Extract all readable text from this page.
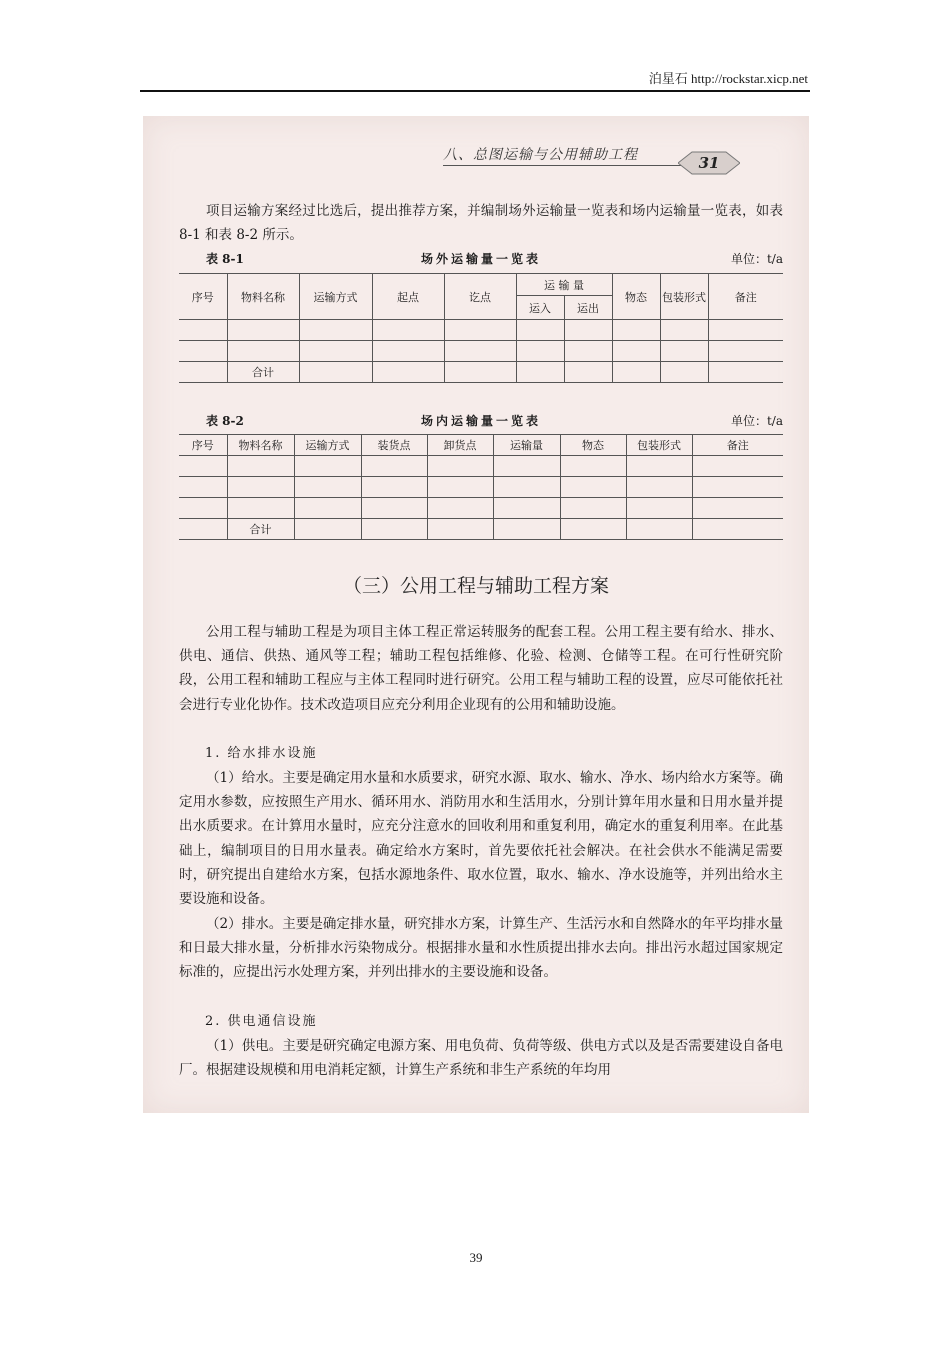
泊星石 http://rockstar.xicp.net
八、总图运输与公用辅助工程	31

项目运输方案经过比选后，提出推荐方案，并编制场外运输量一览表和场内运输量一览表，如表 8-1 和表 8-2 所示。

场外运输量一览表
表 8-1	单位：t/a
序号	物料名称	运输方式	起点	讫点	运 输 量		物态	包装形式	备注
					运入	运出			

	合计								
场内运输量一览表
表 8-2	单位：t/a
序号	物料名称	运输方式	装货点	卸货点	运输量	物态	包装形式	备注

	合计							
（三）公用工程与辅助工程方案

公用工程与辅助工程是为项目主体工程正常运转服务的配套工程。公用工程主要有给水、排水、供电、通信、供热、通风等工程；辅助工程包括维修、化验、检测、仓储等工程。在可行性研究阶段，公用工程和辅助工程应与主体工程同时进行研究。公用工程与辅助工程的设置，应尽可能依托社会进行专业化协作。技术改造项目应充分利用企业现有的公用和辅助设施。

1. 给水排水设施

（1）给水。主要是确定用水量和水质要求，研究水源、取水、输水、净水、场内给水方案等。确定用水参数，应按照生产用水、循环用水、消防用水和生活用水，分别计算年用水量和日用水量并提出水质要求。在计算用水量时，应充分注意水的回收利用和重复利用，确定水的重复利用率。在此基础上，编制项目的日用水量表。确定给水方案时，首先要依托社会解决。在社会供水不能满足需要时，研究提出自建给水方案，包括水源地条件、取水位置，取水、输水、净水设施等，并列出给水主要设施和设备。

（2）排水。主要是确定排水量，研究排水方案，计算生产、生活污水和自然降水的年平均排水量和日最大排水量，分析排水污染物成分。根据排水量和水性质提出排水去向。排出污水超过国家规定标准的，应提出污水处理方案，并列出排水的主要设施和设备。

2. 供电通信设施

（1）供电。主要是研究确定电源方案、用电负荷、负荷等级、供电方式以及是否需要建设自备电厂。根据建设规模和用电消耗定额，计算生产系统和非生产系统的年均用

39
